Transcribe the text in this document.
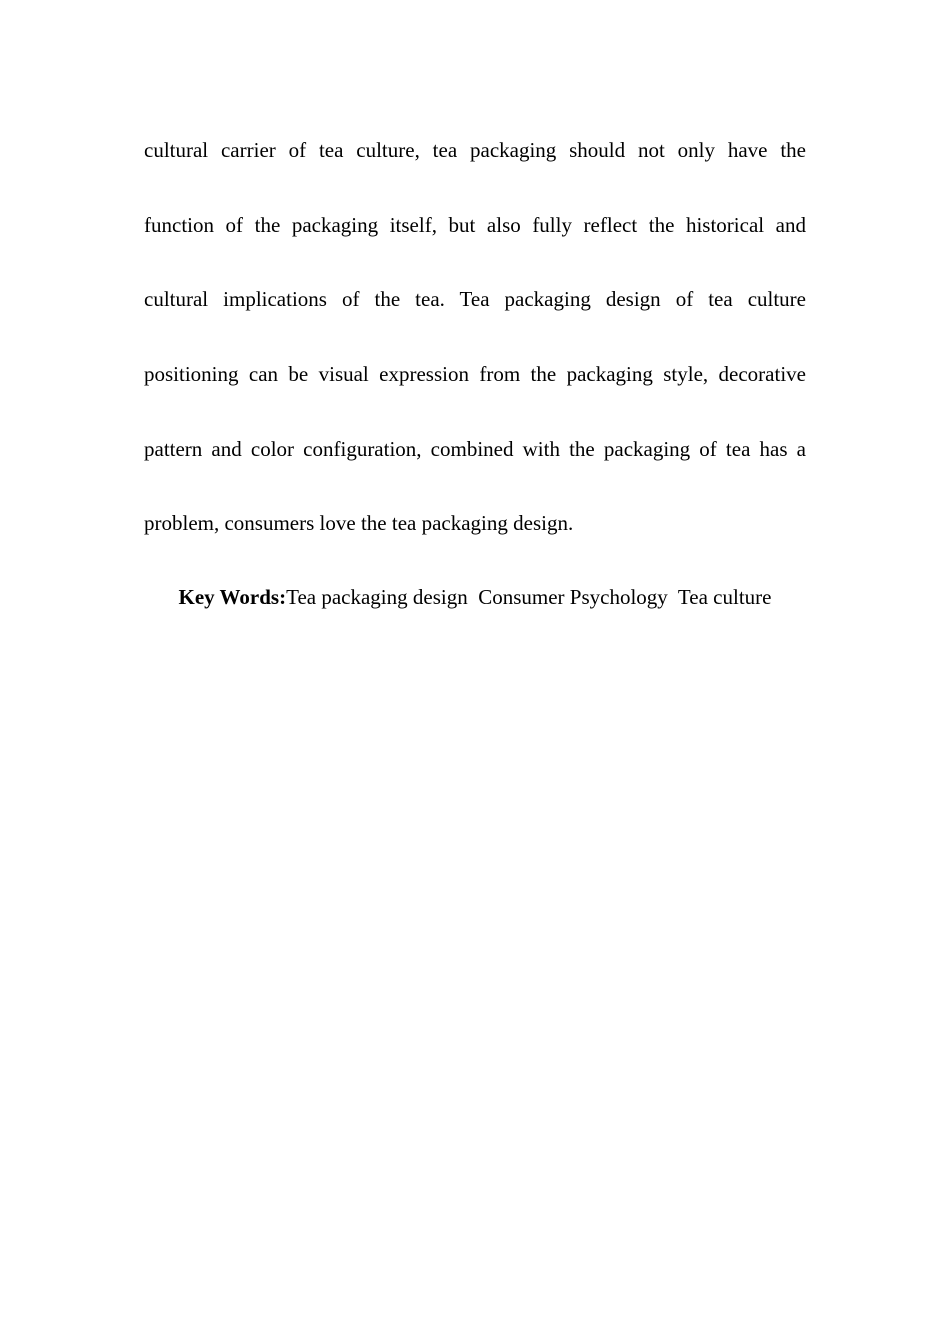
cultural carrier of tea culture, tea packaging should not only have the
function of the packaging itself, but also fully reflect the historical and
cultural implications of the tea. Tea packaging design of tea culture
positioning can be visual expression from the packaging style, decorative
pattern and color configuration, combined with the packaging of tea has a
problem, consumers love the tea packaging design.
Key Words:Tea packaging design  Consumer Psychology  Tea culture
